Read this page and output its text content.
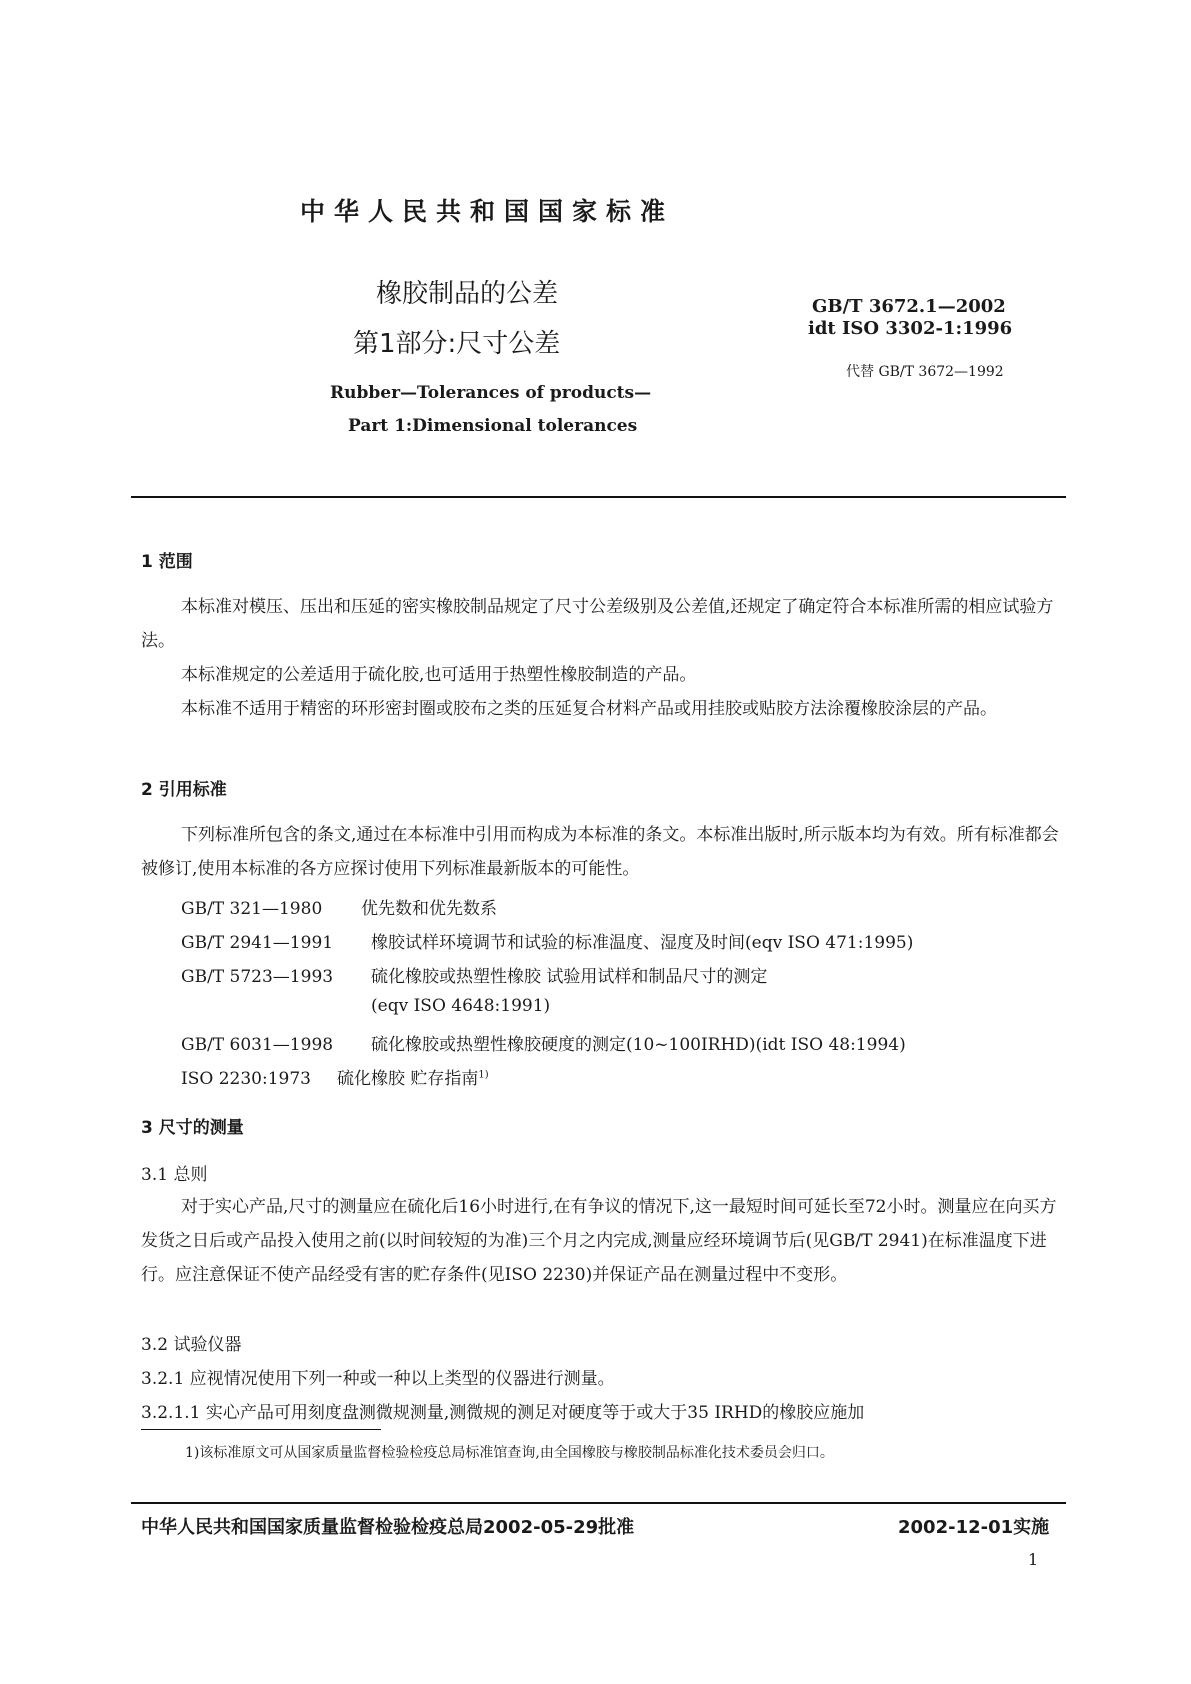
中华人民共和国国家标准
橡胶制品的公差
第1部分:尺寸公差
Rubber—Tolerances of products—
Part 1:Dimensional tolerances
GB/T 3672.1—2002
idt ISO 3302-1:1996
代替 GB/T 3672—1992
1 范围
本标准对模压、压出和压延的密实橡胶制品规定了尺寸公差级别及公差值,还规定了确定符合本标准所需的相应试验方法。
本标准规定的公差适用于硫化胶,也可适用于热塑性橡胶制造的产品。
本标准不适用于精密的环形密封圈或胶布之类的压延复合材料产品或用挂胶或贴胶方法涂覆橡胶涂层的产品。
2 引用标准
下列标准所包含的条文,通过在本标准中引用而构成为本标准的条文。本标准出版时,所示版本均为有效。所有标准都会被修订,使用本标准的各方应探讨使用下列标准最新版本的可能性。
GB/T 321—1980 优先数和优先数系
GB/T 2941—1991 橡胶试样环境调节和试验的标准温度、湿度及时间(eqv ISO 471:1995)
GB/T 5723—1993 硫化橡胶或热塑性橡胶 试验用试样和制品尺寸的测定
(eqv ISO 4648:1991)
GB/T 6031—1998 硫化橡胶或热塑性橡胶硬度的测定(10~100IRHD)(idt ISO 48:1994)
ISO 2230:1973 硫化橡胶 贮存指南$^{1)}$
3 尺寸的测量
3.1 总则
对于实心产品,尺寸的测量应在硫化后16小时进行,在有争议的情况下,这一最短时间可延长至72小时。测量应在向买方发货之日后或产品投入使用之前(以时间较短的为准)三个月之内完成,测量应经环境调节后(见GB/T 2941)在标准温度下进行。应注意保证不使产品经受有害的贮存条件(见ISO 2230)并保证产品在测量过程中不变形。
3.2 试验仪器
3.2.1 应视情况使用下列一种或一种以上类型的仪器进行测量。
3.2.1.1 实心产品可用刻度盘测微规测量,测微规的测足对硬度等于或大于35 IRHD的橡胶应施加
1)该标准原文可从国家质量监督检验检疫总局标准馆查询,由全国橡胶与橡胶制品标准化技术委员会归口。
中华人民共和国国家质量监督检验检疫总局2002-05-29批准	2002-12-01实施
1
